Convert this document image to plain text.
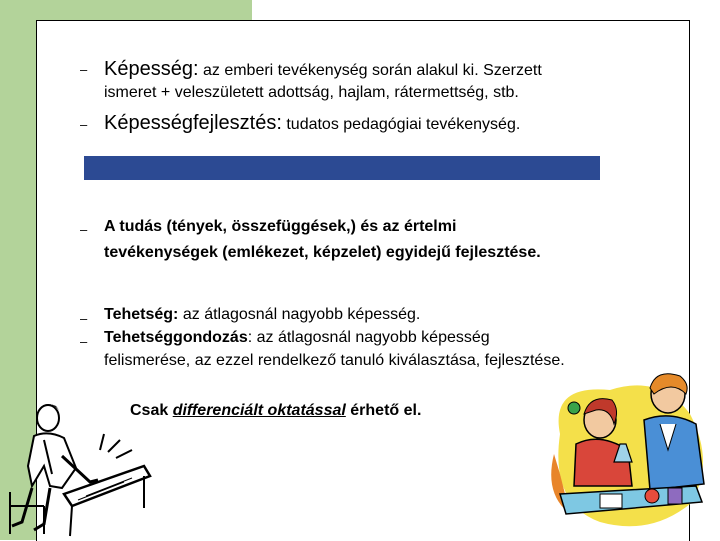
– Képesség: az emberi tevékenység során alakul ki. Szerzett
ismeret + veleszületett adottság, hajlam, rátermettség, stb.
– Képességfejlesztés: tudatos pedagógiai tevékenység.
– A tudás (tények, összefüggések,) és az értelmi
tevékenységek (emlékezet, képzelet) egyidejű fejlesztése.
– Tehetség: az átlagosnál nagyobb képesség.
– Tehetséggondozás: az átlagosnál nagyobb képesség
felismerése, az ezzel rendelkező tanuló kiválasztása, fejlesztése.
Csak differenciált oktatással érhető el.
